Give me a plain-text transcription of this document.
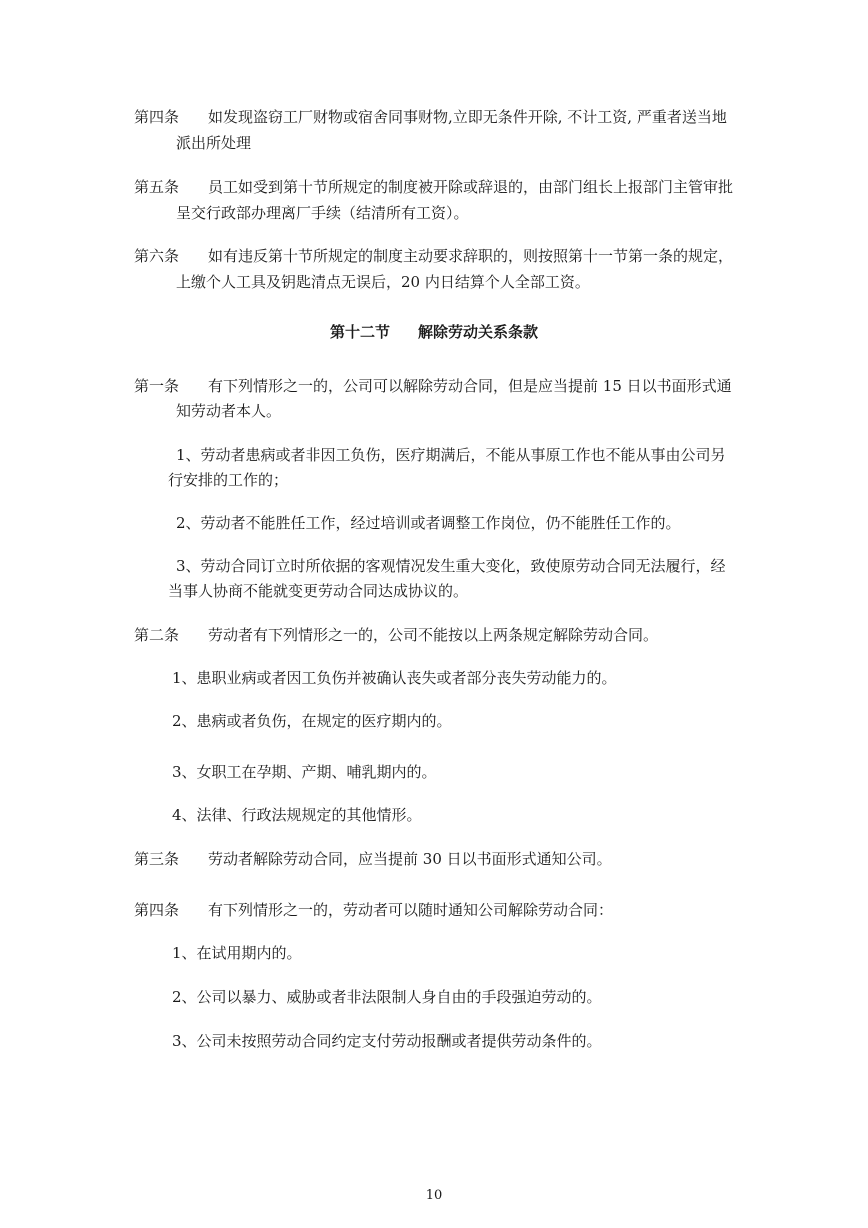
第四条 如发现盗窃工厂财物或宿舍同事财物,立即无条件开除, 不计工资, 严重者送当地
派出所处理
第五条 员工如受到第十节所规定的制度被开除或辞退的，由部门组长上报部门主管审批
呈交行政部办理离厂手续（结清所有工资）。
第六条 如有违反第十节所规定的制度主动要求辞职的，则按照第十一节第一条的规定，
上缴个人工具及钥匙清点无误后，20 内日结算个人全部工资。
第十二节 解除劳动关系条款
第一条 有下列情形之一的，公司可以解除劳动合同，但是应当提前 15 日以书面形式通
知劳动者本人。
1、劳动者患病或者非因工负伤，医疗期满后，不能从事原工作也不能从事由公司另
行安排的工作的；
2、劳动者不能胜任工作，经过培训或者调整工作岗位，仍不能胜任工作的。
3、劳动合同订立时所依据的客观情况发生重大变化，致使原劳动合同无法履行，经
当事人协商不能就变更劳动合同达成协议的。
第二条 劳动者有下列情形之一的，公司不能按以上两条规定解除劳动合同。
1、患职业病或者因工负伤并被确认丧失或者部分丧失劳动能力的。
2、患病或者负伤，在规定的医疗期内的。
3、女职工在孕期、产期、哺乳期内的。
4、法律、行政法规规定的其他情形。
第三条 劳动者解除劳动合同，应当提前 30 日以书面形式通知公司。
第四条 有下列情形之一的，劳动者可以随时通知公司解除劳动合同：
1、在试用期内的。
2、公司以暴力、威胁或者非法限制人身自由的手段强迫劳动的。
3、公司未按照劳动合同约定支付劳动报酬或者提供劳动条件的。
10
